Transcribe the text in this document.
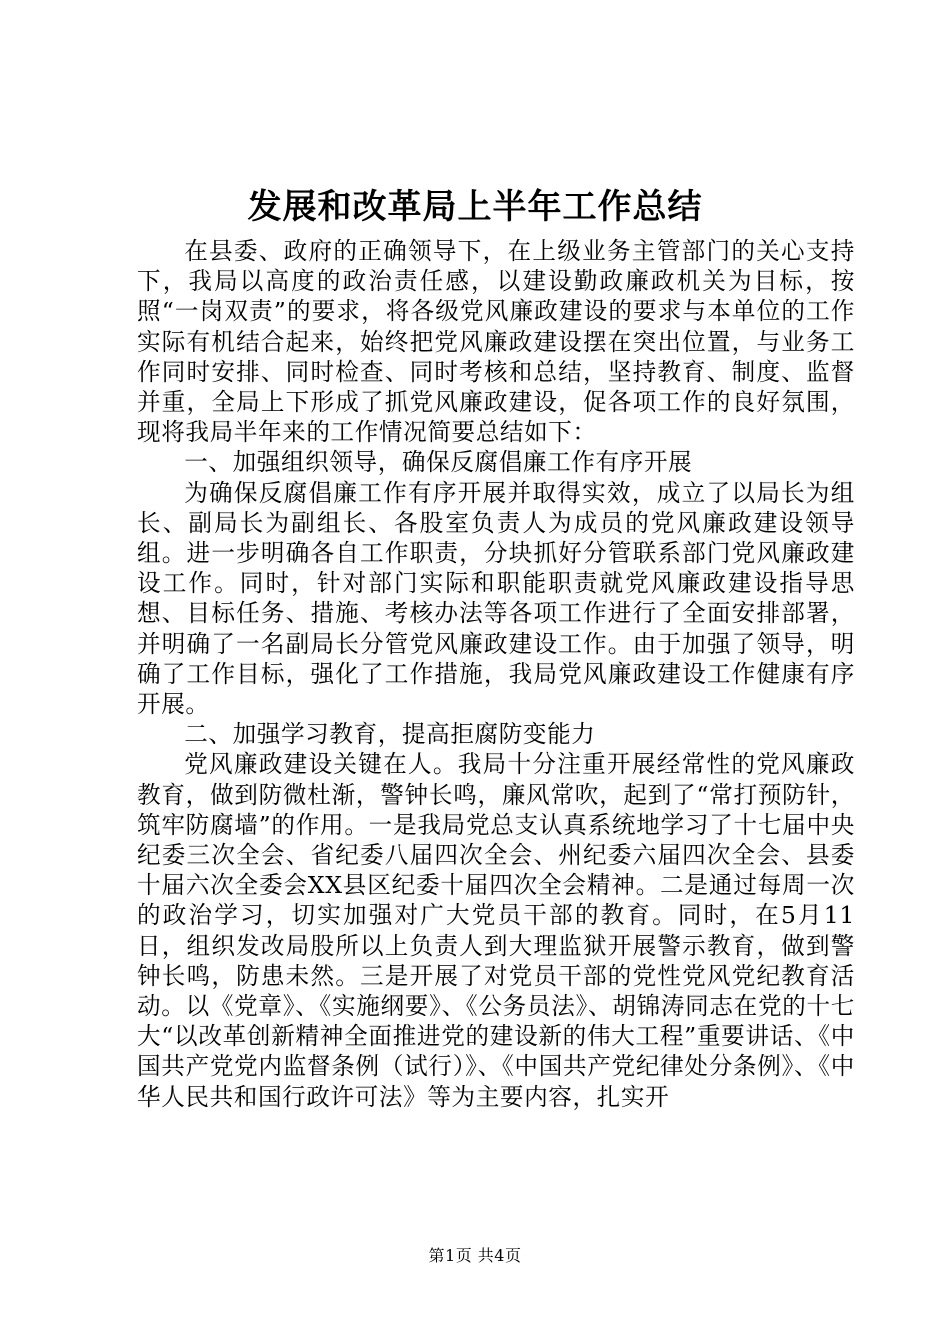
发展和改革局上半年工作总结

在县委、政府的正确领导下，在上级业务主管部门的关心支持下，我局以高度的政治责任感，以建设勤政廉政机关为目标，按照“一岗双责”的要求，将各级党风廉政建设的要求与本单位的工作实际有机结合起来，始终把党风廉政建设摆在突出位置，与业务工作同时安排、同时检查、同时考核和总结，坚持教育、制度、监督并重，全局上下形成了抓党风廉政建设，促各项工作的良好氛围，现将我局半年来的工作情况简要总结如下：

一、加强组织领导，确保反腐倡廉工作有序开展

为确保反腐倡廉工作有序开展并取得实效，成立了以局长为组长、副局长为副组长、各股室负责人为成员的党风廉政建设领导组。进一步明确各自工作职责，分块抓好分管联系部门党风廉政建设工作。同时，针对部门实际和职能职责就党风廉政建设指导思想、目标任务、措施、考核办法等各项工作进行了全面安排部署，并明确了一名副局长分管党风廉政建设工作。由于加强了领导，明确了工作目标，强化了工作措施，我局党风廉政建设工作健康有序开展。

二、加强学习教育，提高拒腐防变能力

党风廉政建设关键在人。我局十分注重开展经常性的党风廉政教育，做到防微杜渐，警钟长鸣，廉风常吹，起到了“常打预防针，筑牢防腐墙”的作用。一是我局党总支认真系统地学习了十七届中央纪委三次全会、省纪委八届四次全会、州纪委六届四次全会、县委十届六次全委会XX县区纪委十届四次全会精神。二是通过每周一次的政治学习，切实加强对广大党员干部的教育。同时，在5月11日，组织发改局股所以上负责人到大理监狱开展警示教育，做到警钟长鸣，防患未然。三是开展了对党员干部的党性党风党纪教育活动。以《党章》、《实施纲要》、《公务员法》、胡锦涛同志在党的十七大“以改革创新精神全面推进党的建设新的伟大工程”重要讲话、《中国共产党党内监督条例（试行）》、《中国共产党纪律处分条例》、《中华人民共和国行政许可法》等为主要内容，扎实开

第1页 共4页
